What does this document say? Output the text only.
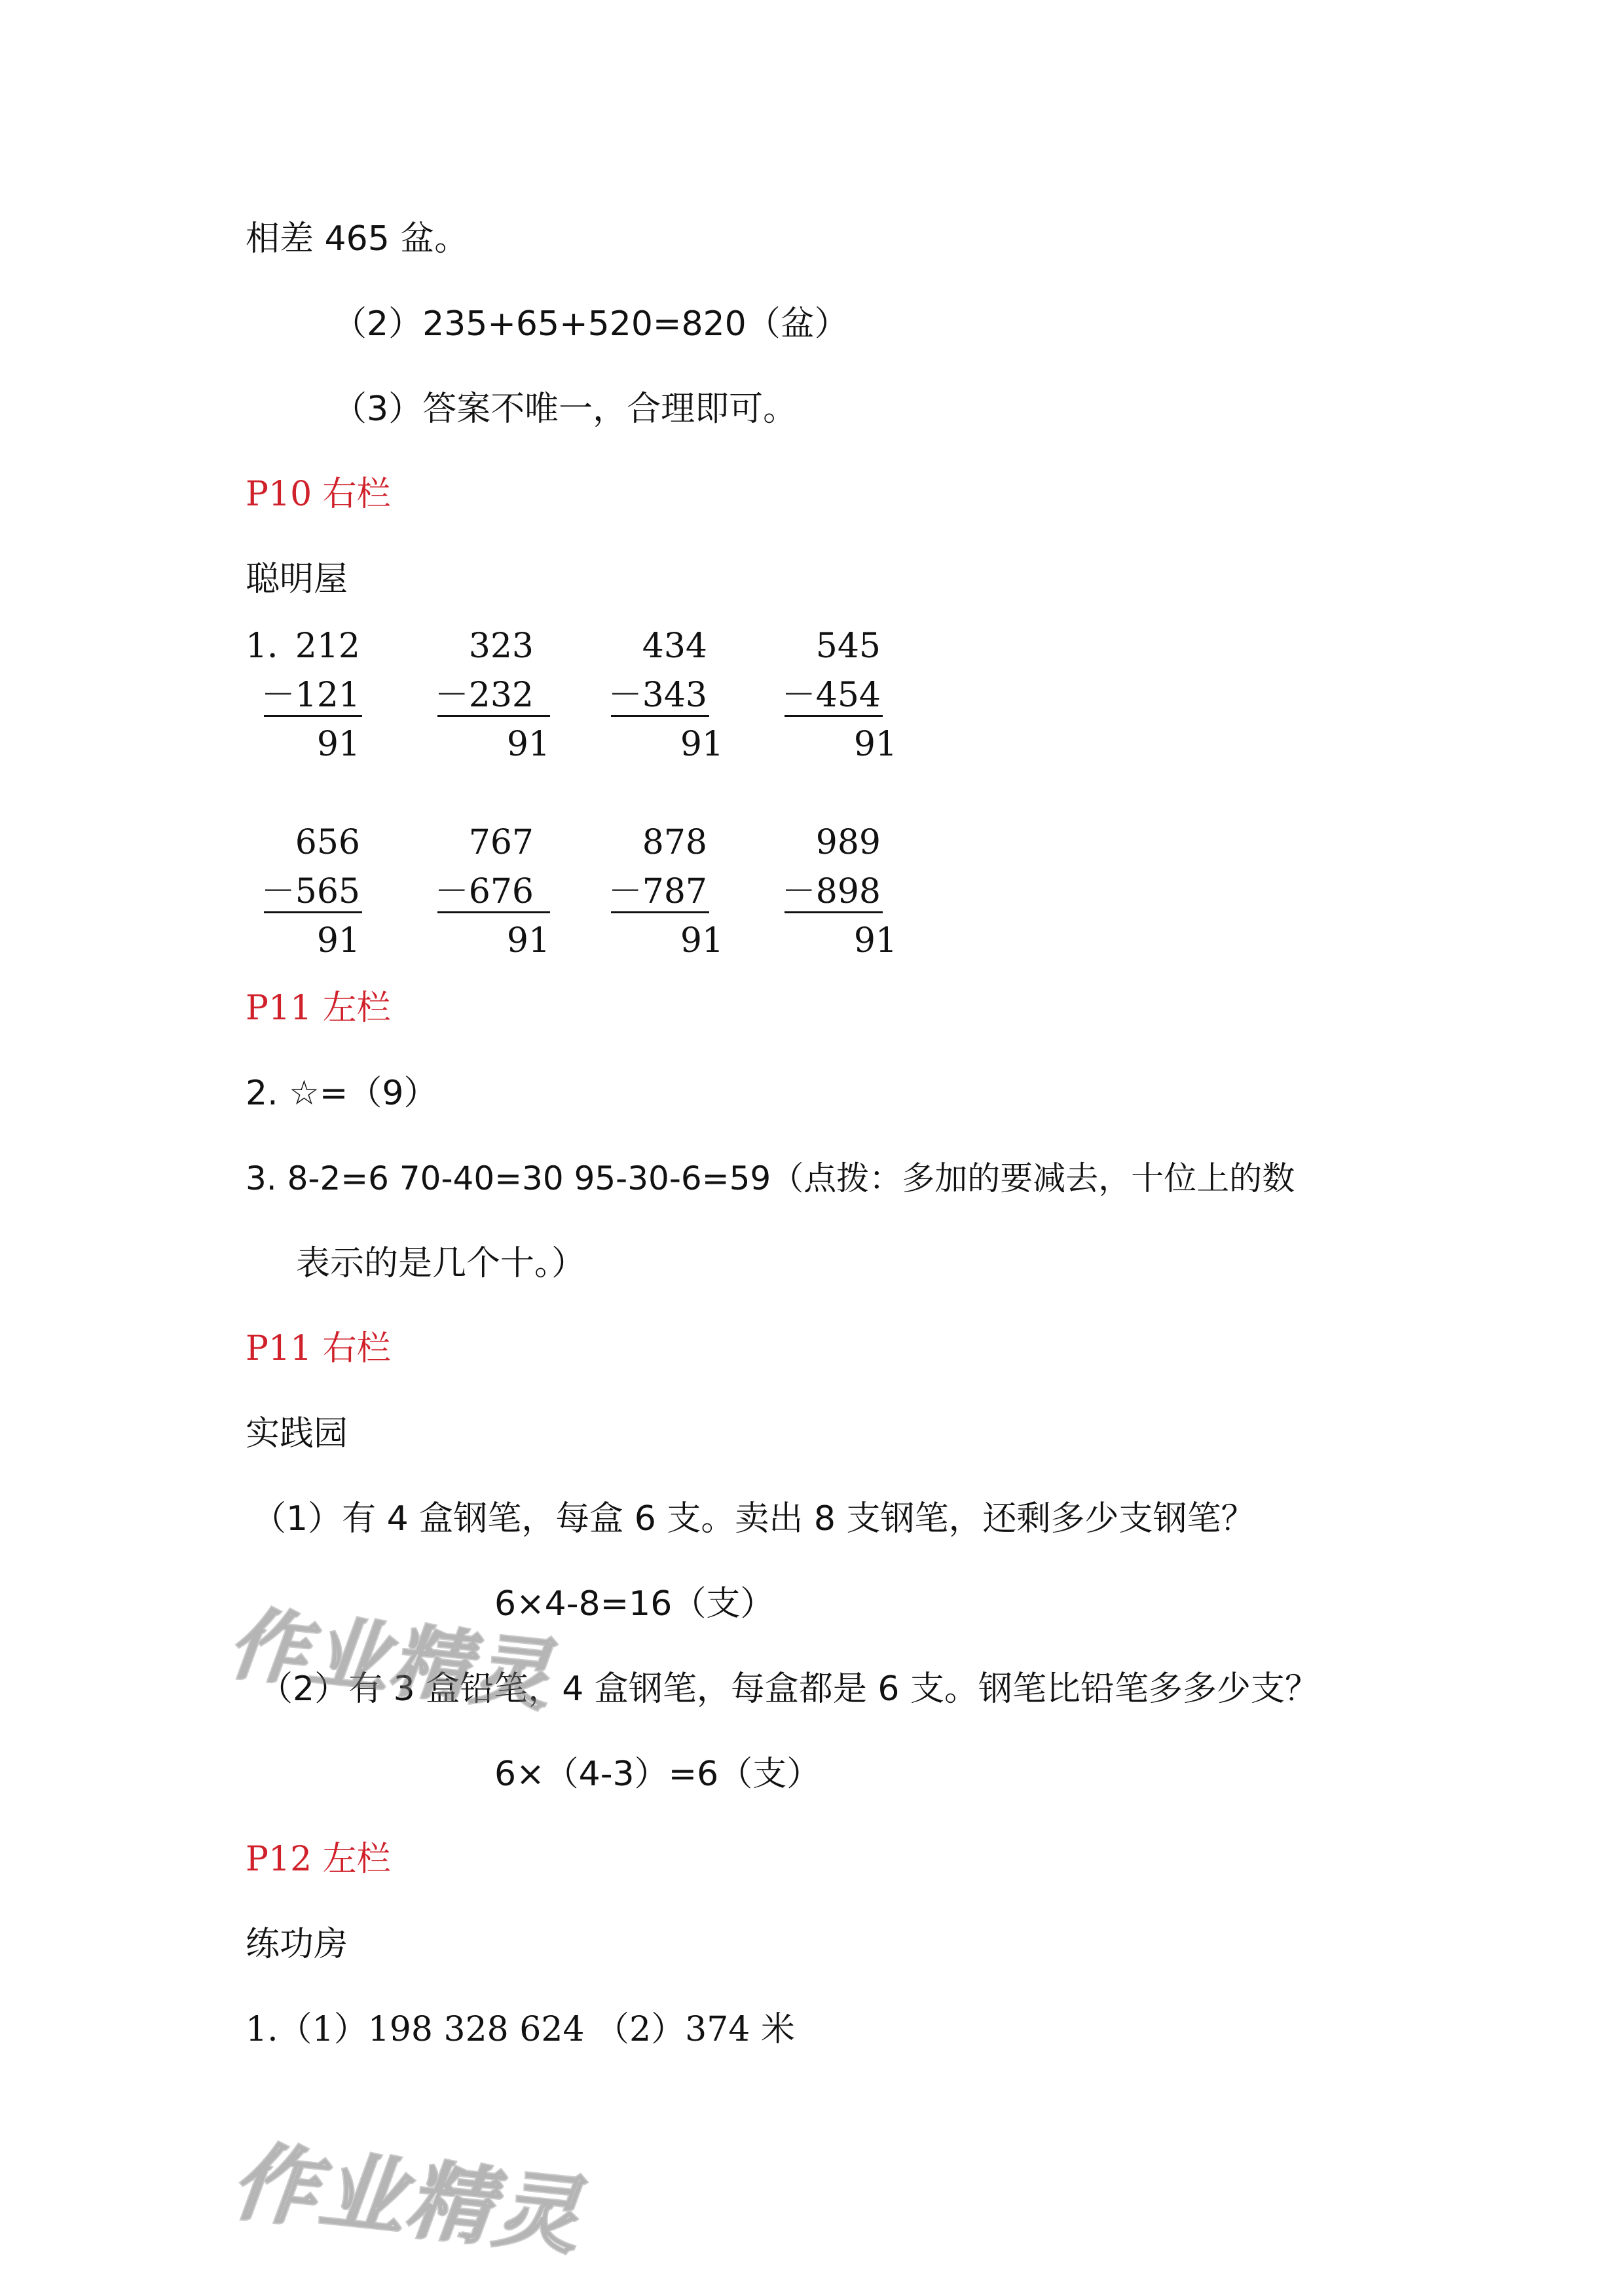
相差 465 盆。
（2）235+65+520=820（盆）
（3）答案不唯一，合理即可。
P10 右栏
聪明屋
1．
212
－121
91
323
－232
91
434
－343
91
545
－454
91
656
－565
91
767
－676
91
878
－787
91
989
－898
91
P11 左栏
2. ☆=（9）
3. 8-2=6 70-40=30 95-30-6=59（点拨：多加的要减去，十位上的数
表示的是几个十。）
P11 右栏
实践园
（1）有 4 盒钢笔，每盒 6 支。卖出 8 支钢笔，还剩多少支钢笔？
6×4-8=16（支）
（2）有 3 盒铅笔，4 盒钢笔，每盒都是 6 支。钢笔比铅笔多多少支？
6×（4-3）=6（支）
P12 左栏
练功房
1.（1）198 328 624 （2）374 米
作业精灵
作业精灵
